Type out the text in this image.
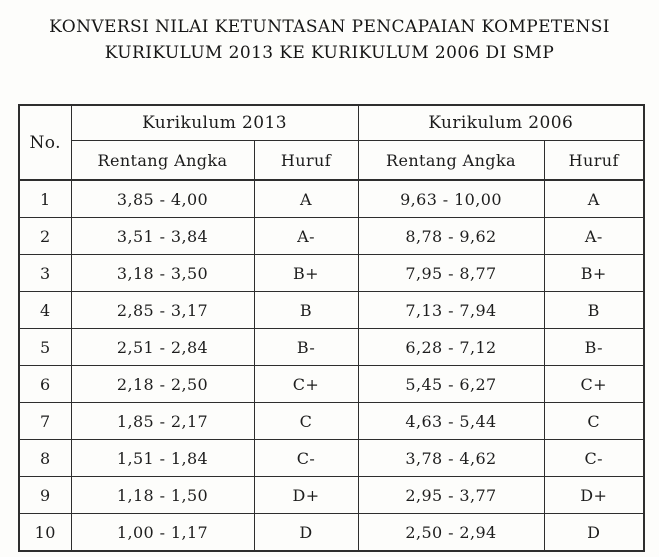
KONVERSI NILAI KETUNTASAN PENCAPAIAN KOMPETENSI
KURIKULUM 2013 KE KURIKULUM 2006 DI SMP
No.	Kurikulum 2013		Kurikulum 2006	
	Rentang Angka	Huruf	Rentang Angka	Huruf
1	3,85 - 4,00	A	9,63 - 10,00	A
2	3,51 - 3,84	A-	8,78 - 9,62	A-
3	3,18 - 3,50	B+	7,95 - 8,77	B+
4	2,85 - 3,17	B	7,13 - 7,94	B
5	2,51 - 2,84	B-	6,28 - 7,12	B-
6	2,18 - 2,50	C+	5,45 - 6,27	C+
7	1,85 - 2,17	C	4,63 - 5,44	C
8	1,51 - 1,84	C-	3,78 - 4,62	C-
9	1,18 - 1,50	D+	2,95 - 3,77	D+
10	1,00 - 1,17	D	2,50 - 2,94	D
